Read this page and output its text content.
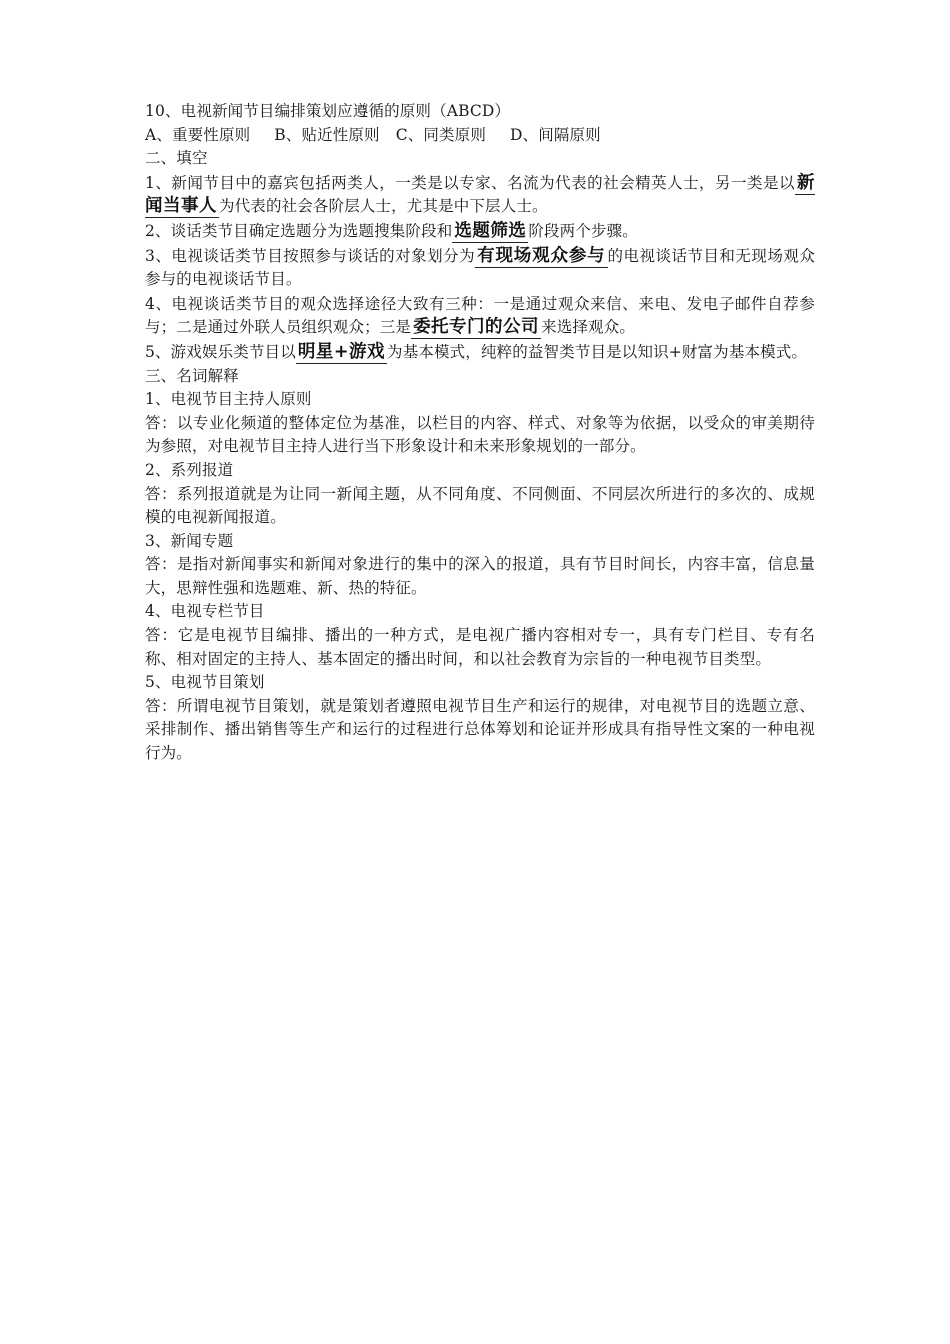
10、电视新闻节目编排策划应遵循的原则（ABCD）
A、重要性原则 B、贴近性原则 C、同类原则 D、间隔原则
二、填空
1、新闻节目中的嘉宾包括两类人，一类是以专家、名流为代表的社会精英人士，另一类是以 新闻当事人 为代表的社会各阶层人士，尤其是中下层人士。
2、谈话类节目确定选题分为选题搜集阶段和 选题筛选 阶段两个步骤。
3、电视谈话类节目按照参与谈话的对象划分为 有现场观众参与 的电视谈话节目和无现场观众参与的电视谈话节目。
4、电视谈话类节目的观众选择途径大致有三种：一是通过观众来信、来电、发电子邮件自荐参与；二是通过外联人员组织观众；三是 委托专门的公司 来选择观众。
5、游戏娱乐类节目以 明星+游戏 为基本模式，纯粹的益智类节目是以知识+财富为基本模式。
三、名词解释
1、电视节目主持人原则
答：以专业化频道的整体定位为基准，以栏目的内容、样式、对象等为依据，以受众的审美期待为参照，对电视节目主持人进行当下形象设计和未来形象规划的一部分。
2、系列报道
答：系列报道就是为让同一新闻主题，从不同角度、不同侧面、不同层次所进行的多次的、成规模的电视新闻报道。
3、新闻专题
答：是指对新闻事实和新闻对象进行的集中的深入的报道，具有节目时间长，内容丰富，信息量大，思辩性强和选题难、新、热的特征。
4、电视专栏节目
答：它是电视节目编排、播出的一种方式，是电视广播内容相对专一，具有专门栏目、专有名称、相对固定的主持人、基本固定的播出时间，和以社会教育为宗旨的一种电视节目类型。
5、电视节目策划
答：所谓电视节目策划，就是策划者遵照电视节目生产和运行的规律，对电视节目的选题立意、采排制作、播出销售等生产和运行的过程进行总体筹划和论证并形成具有指导性文案的一种电视行为。
